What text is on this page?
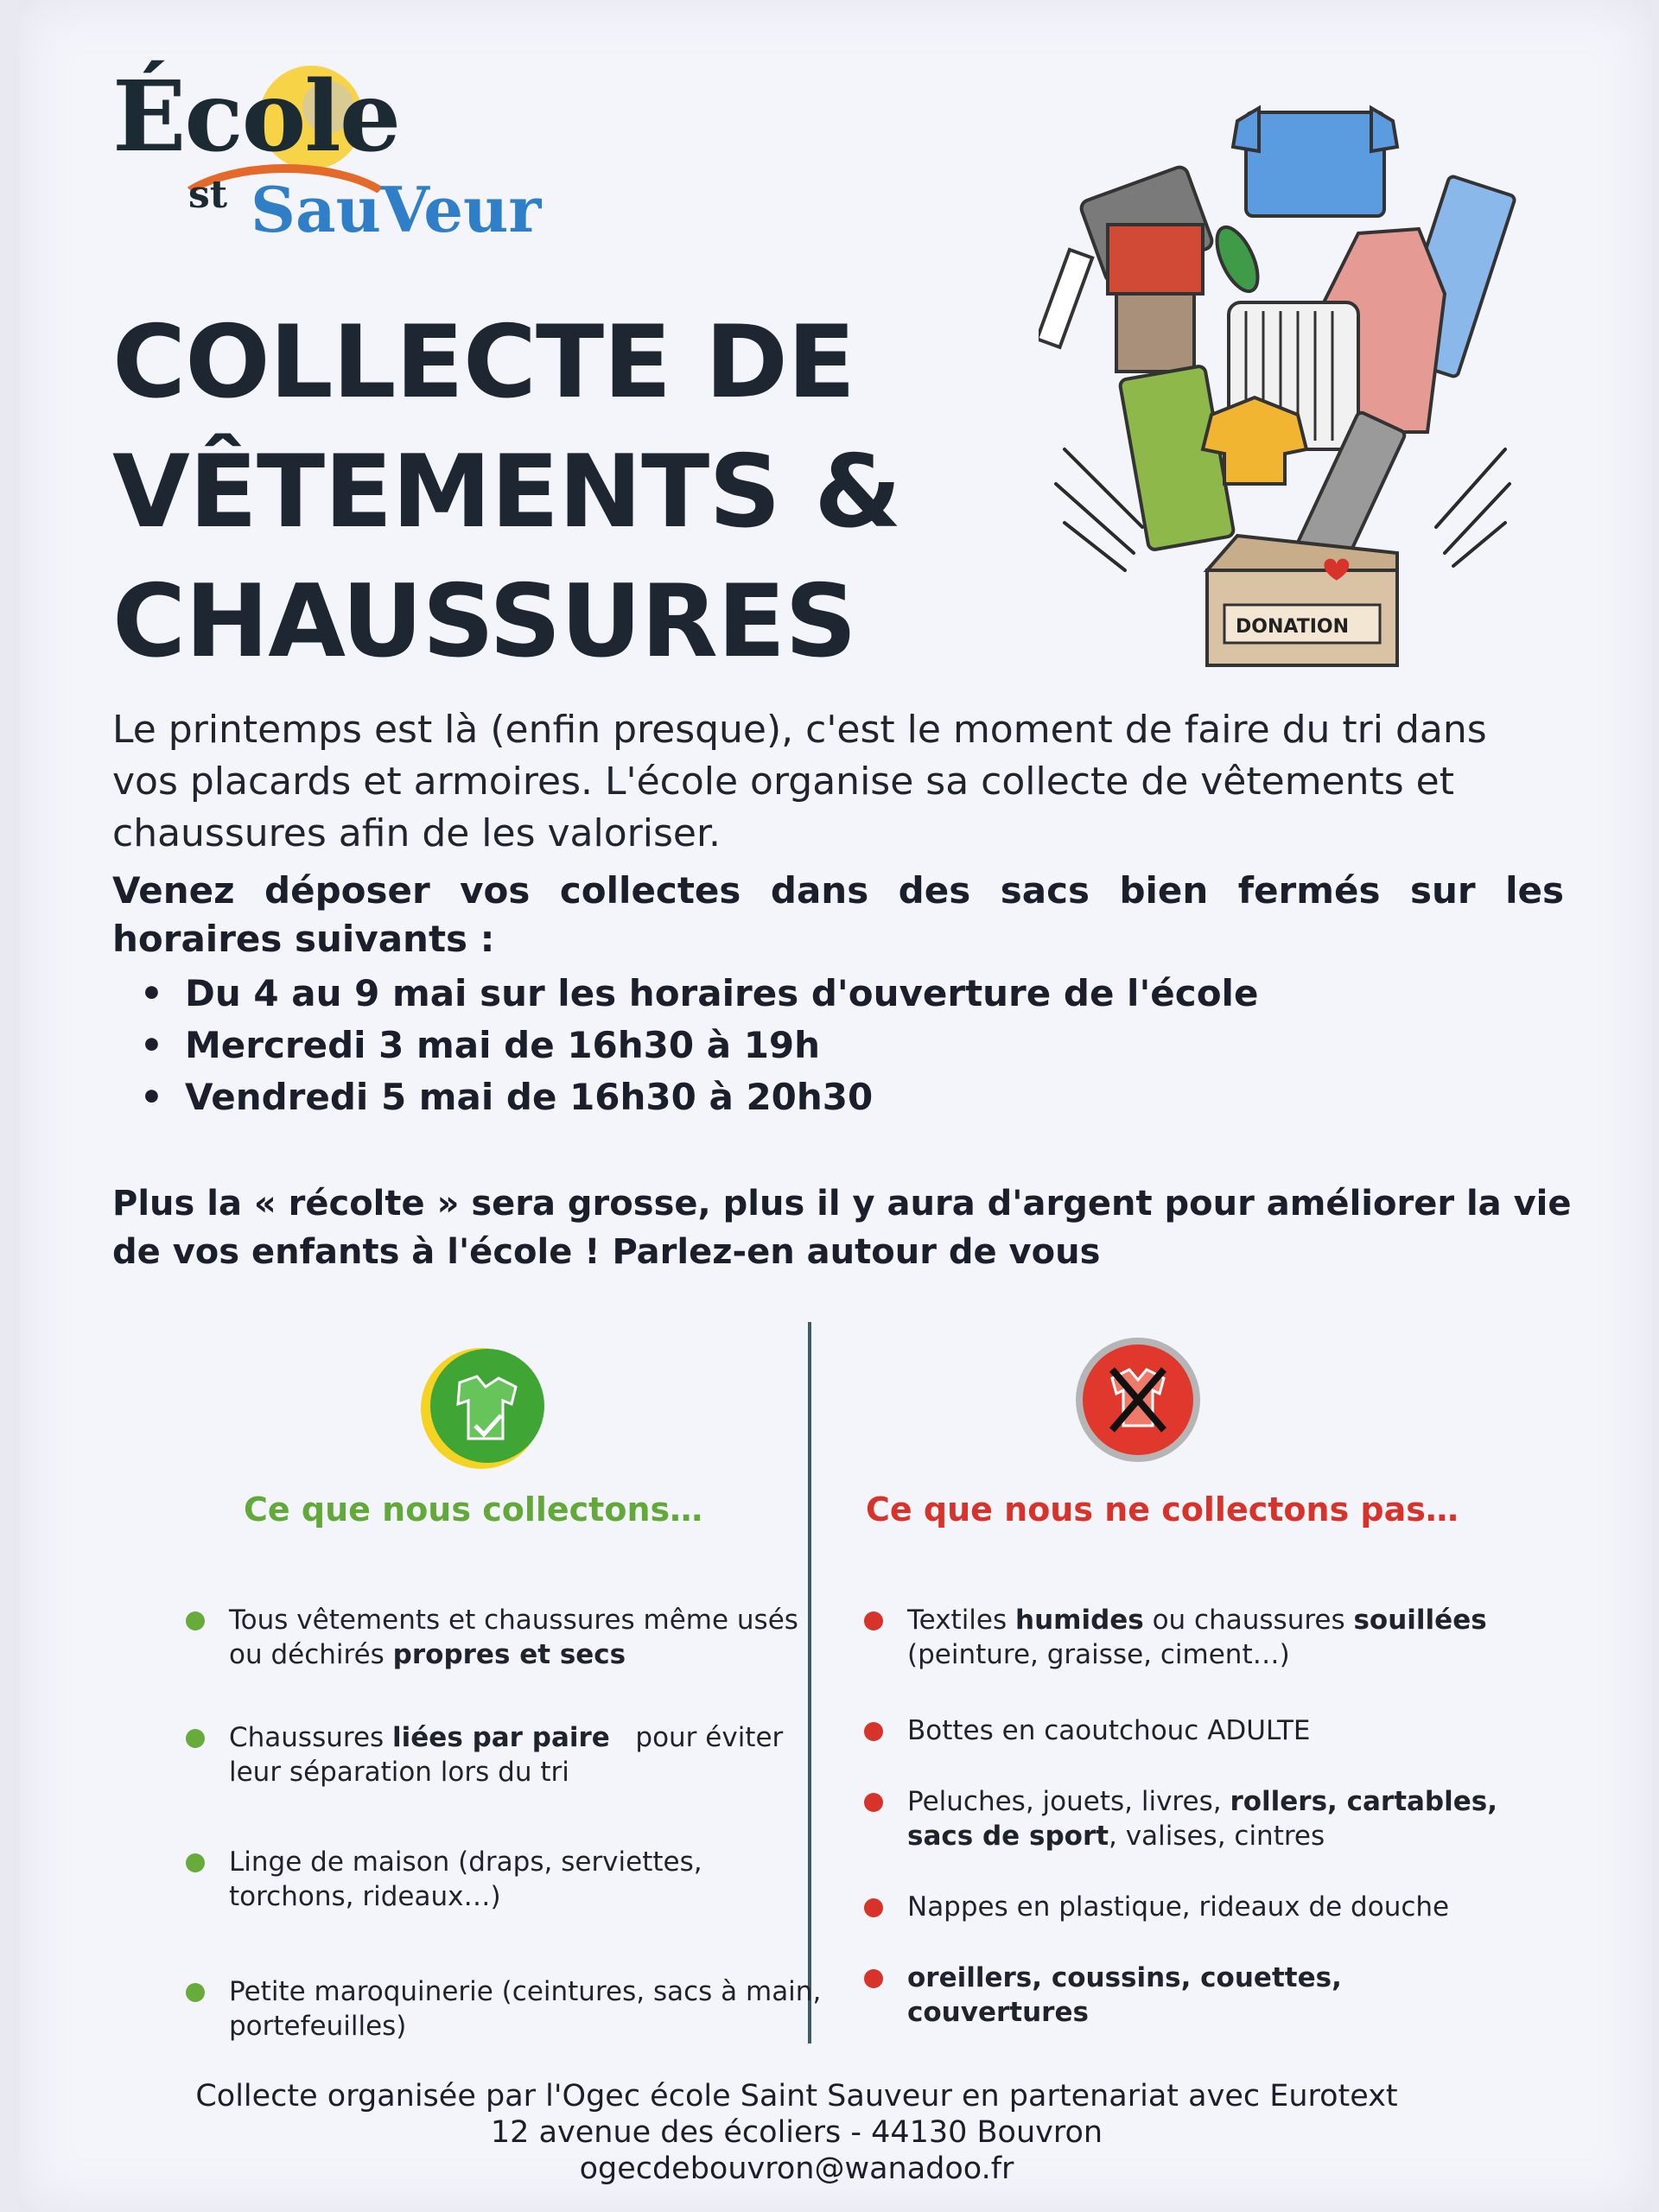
École
st SauVeur
COLLECTE DE
VÊTEMENTS &
CHAUSSURES	DONATION

Le printemps est là (enfin presque), c'est le moment de faire du tri dans vos placards et armoires. L'école organise sa collecte de vêtements et chaussures afin de les valoriser.

Venez déposer vos collectes dans des sacs bien fermés sur les horaires suivants :

• Du 4 au 9 mai sur les horaires d'ouverture de l'école
• Mercredi 3 mai de 16h30 à 19h
• Vendredi 5 mai de 16h30 à 20h30

Plus la « récolte » sera grosse, plus il y aura d'argent pour améliorer la vie de vos enfants à l'école ! Parlez-en autour de vous

Ce que nous collectons…
Tous vêtements et chaussures même usés ou déchirés propres et secs
Chaussures liées par paire   pour éviter leur séparation lors du tri
Linge de maison (draps, serviettes, torchons, rideaux…)
Petite maroquinerie (ceintures, sacs à main, portefeuilles)
Ce que nous ne collectons pas…
Textiles humides ou chaussures souillées (peinture, graisse, ciment…)
Bottes en caoutchouc ADULTE
Peluches, jouets, livres, rollers, cartables, sacs de sport, valises, cintres
Nappes en plastique, rideaux de douche
oreillers, coussins, couettes, couvertures
Collecte organisée par l'Ogec école Saint Sauveur en partenariat avec Eurotext
12 avenue des écoliers - 44130 Bouvron
ogecdebouvron@wanadoo.fr
